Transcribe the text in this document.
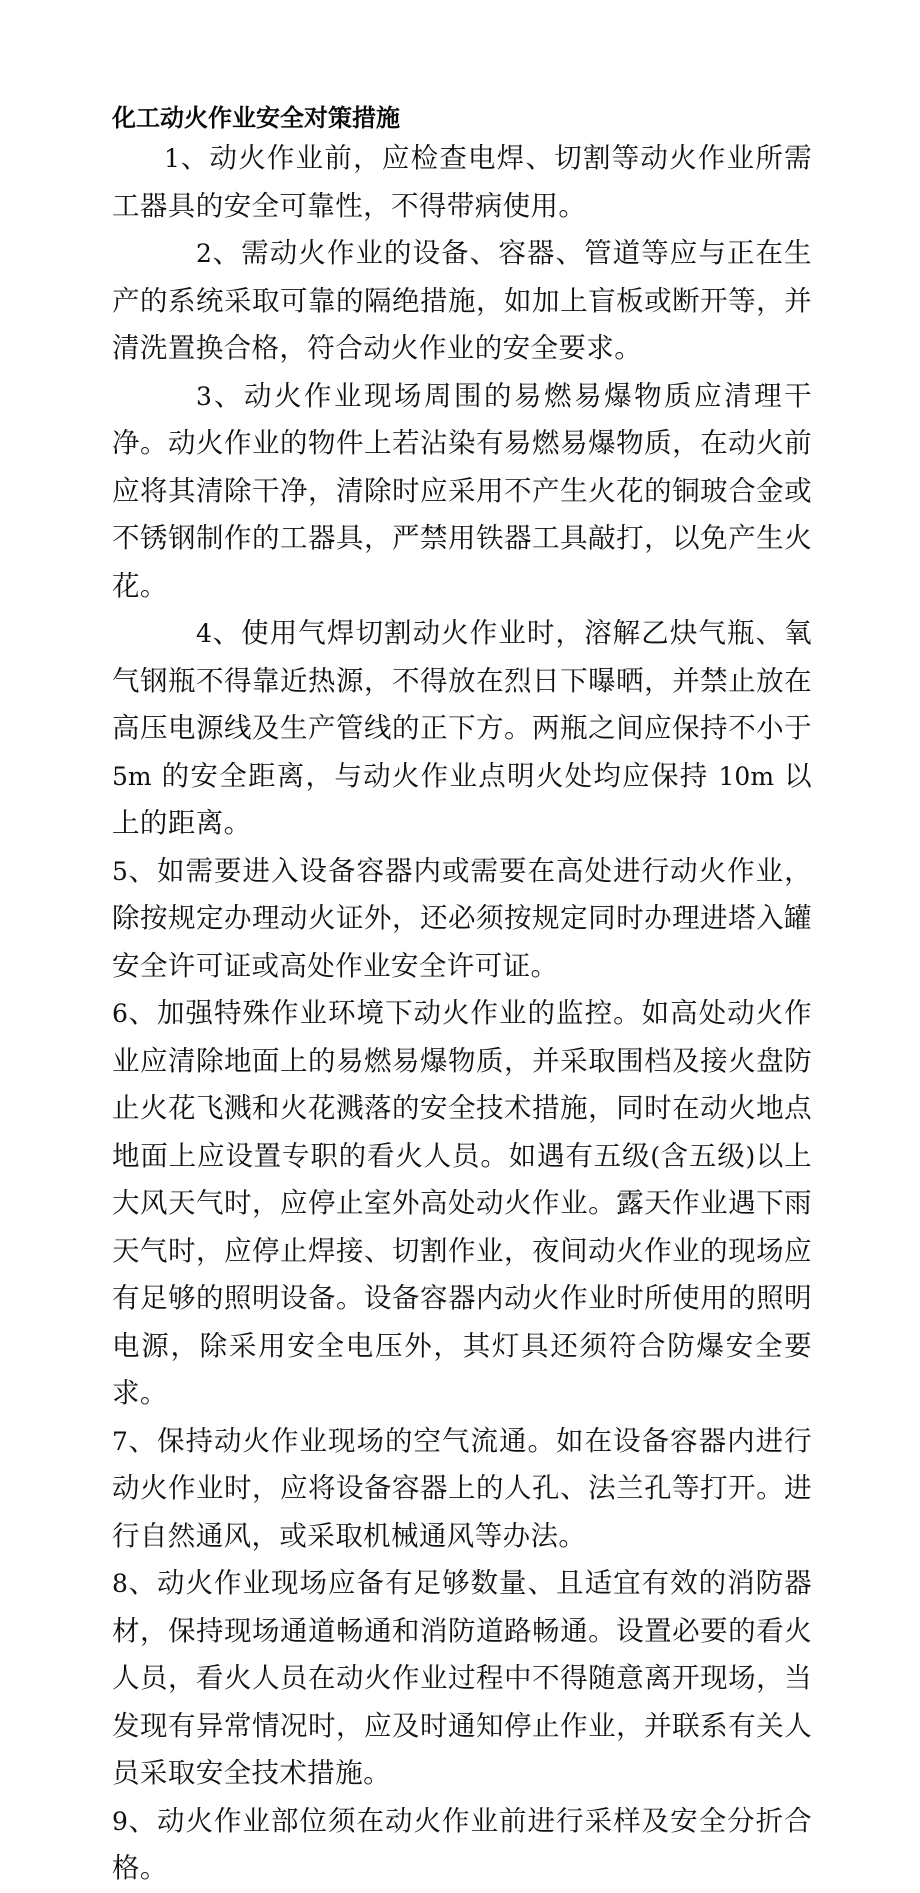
化工动火作业安全对策措施

1、动火作业前，应检查电焊、切割等动火作业所需工器具的安全可靠性，不得带病使用。

2、需动火作业的设备、容器、管道等应与正在生产的系统采取可靠的隔绝措施，如加上盲板或断开等，并清洗置换合格，符合动火作业的安全要求。

3、动火作业现场周围的易燃易爆物质应清理干净。动火作业的物件上若沾染有易燃易爆物质，在动火前应将其清除干净，清除时应采用不产生火花的铜玻合金或不锈钢制作的工器具，严禁用铁器工具敲打，以免产生火花。

4、使用气焊切割动火作业时，溶解乙炔气瓶、氧气钢瓶不得靠近热源，不得放在烈日下曝晒，并禁止放在高压电源线及生产管线的正下方。两瓶之间应保持不小于 5m 的安全距离，与动火作业点明火处均应保持 10m 以上的距离。

5、如需要进入设备容器内或需要在高处进行动火作业，除按规定办理动火证外，还必须按规定同时办理进塔入罐安全许可证或高处作业安全许可证。

6、加强特殊作业环境下动火作业的监控。如高处动火作业应清除地面上的易燃易爆物质，并采取围档及接火盘防止火花飞溅和火花溅落的安全技术措施，同时在动火地点地面上应设置专职的看火人员。如遇有五级(含五级)以上大风天气时，应停止室外高处动火作业。露天作业遇下雨天气时，应停止焊接、切割作业，夜间动火作业的现场应有足够的照明设备。设备容器内动火作业时所使用的照明电源，除采用安全电压外，其灯具还须符合防爆安全要求。

7、保持动火作业现场的空气流通。如在设备容器内进行动火作业时，应将设备容器上的人孔、法兰孔等打开。进行自然通风，或采取机械通风等办法。

8、动火作业现场应备有足够数量、且适宜有效的消防器材，保持现场通道畅通和消防道路畅通。设置必要的看火人员，看火人员在动火作业过程中不得随意离开现场，当发现有异常情况时，应及时通知停止作业，并联系有关人员采取安全技术措施。

9、动火作业部位须在动火作业前进行采样及安全分折合格。
